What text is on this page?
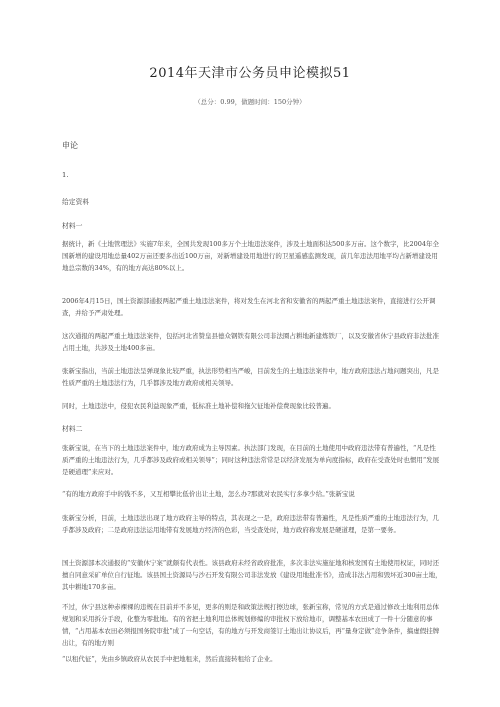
2014年天津市公务员申论模拟51
（总分：0.99，做题时间：150分钟）
申论
1.
给定资料
材料一

据统计，新《土地管理法》实施7年来，全国共发现100多万个土地违法案件，涉及土地面积达500多万亩。这个数字，比2004年全国新增的建设用地总量402万亩还要多出近100万亩，对新增建设用地进行的卫星遥感监测发现，前几年违法用地平均占新增建设用地总宗数的34%，有的地方高达80%以上。

2006年4月15日，国土资源部通报两起严重土地违法案件，将对发生在河北省和安徽省的两起严重土地违法案件，直接进行公开调查，并给予严肃处理。

这次通报的两起严重土地违法案件，包括河北省赞皇县德众钢铁有限公司非法圈占耕地新建炼铁厂，以及安徽省休宁县政府非法批准占用土地，共涉及土地400多亩。

张新宝指出，当前土地违法呈弹现象比较严重，执法形势相当严峻，目前发生的土地违法案件中，地方政府违法占地问题突出，凡是性质严重的土地违法行为，几乎都涉及地方政府或相关领导。

同时，土地违法中，侵犯农民利益现象严重，低标准土地补偿和拖欠征地补偿费现象比较普遍。

材料二

张新宝说，在当下的土地违法案件中，地方政府成为主导因素。执法部门发现，在目前的土地使用中政府违法带有普遍性，“凡是性质严重的土地违法行为，几乎都涉及政府或相关领导”；同时这种违法常常是以经济发展为单向度指标，政府在受查处时也惯用“发展是硬道理”来应对。

“有的地方政府手中的钱不多，又互相攀比低价出让土地，怎么办?那就对农民实行多拿少给。”张新宝说

张新宝分析，目前，土地违法出现了地方政府主导的特点，其表现之一是，政府违法带有普遍性，凡是性质严重的土地违法行为，几乎都涉及政府；二是政府违法运用地带有发展地方经济的色彩，当受查处时，地方政府称发展是硬道理，是第一要务。

国土资源部本次通报的“安徽休宁案”就颇有代表性。该县政府未经省政府批准，多次非法实施征地和核发国有土地使用权证，同时还擅自同意采矿单位自行征地。该县国土资源局与沙石开发有限公司非法发放《建设用地批准书》，造成非法占用和毁坏近300亩土地，其中耕地170多亩。

不过，休宁县这种赤裸裸的违规在目前并不多见，更多的则是和政策法规打擦边球，张新宝称，常见的方式是通过修改土地利用总体规划和采用拆分手段，化整为零批地。有的省把土地利用总体规划修编的审批权下放给地市，调整基本农田成了一件十分随意的事情，“占用基本农田必须报国务院审批”成了一句空话，有的地方与开发商签订土地出让协议后，再“量身定做”竞争条件，搞虚假挂牌出让，有的地方则

“以租代征”，先由乡镇政府从农民手中把地租来，然后直接转租给了企业。
